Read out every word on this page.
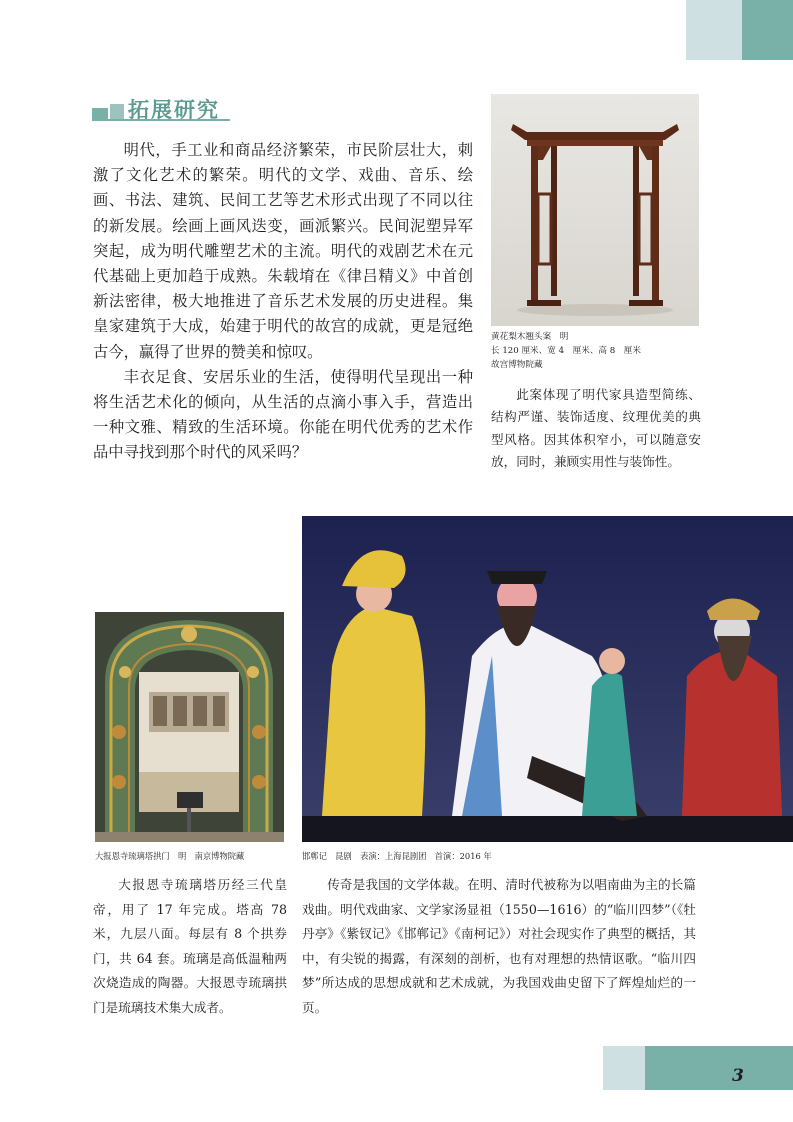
3
拓展研究

明代，手工业和商品经济繁荣，市民阶层壮大，刺激了文化艺术的繁荣。明代的文学、戏曲、音乐、绘画、书法、建筑、民间工艺等艺术形式出现了不同以往的新发展。绘画上画风迭变，画派繁兴。民间泥塑异军突起，成为明代雕塑艺术的主流。明代的戏剧艺术在元代基础上更加趋于成熟。朱载堉在《律吕精义》中首创新法密律，极大地推进了音乐艺术发展的历史进程。集皇家建筑于大成，始建于明代的故宫的成就，更是冠绝古今，赢得了世界的赞美和惊叹。

丰衣足食、安居乐业的生活，使得明代呈现出一种将生活艺术化的倾向，从生活的点滴小事入手，营造出一种文雅、精致的生活环境。你能在明代优秀的艺术作品中寻找到那个时代的风采吗？

黄花梨木翘头案　明
长 120 厘米、宽 4　厘米、高 8　厘米
故宫博物院藏

此案体现了明代家具造型简练、结构严谨、装饰适度、纹理优美的典型风格。因其体积窄小，可以随意安放，同时，兼顾实用性与装饰性。

大报恩寺琉璃塔拱门　明　南京博物院藏

大报恩寺琉璃塔历经三代皇帝，用了 17 年完成。塔高 78 米，九层八面。每层有 8 个拱券门，共 64 套。琉璃是高低温釉两次烧造成的陶器。大报恩寺琉璃拱门是琉璃技术集大成者。

邯郸记　昆剧　表演：上海昆剧团　首演：2016 年

传奇是我国的文学体裁。在明、清时代被称为以唱南曲为主的长篇戏曲。明代戏曲家、文学家汤显祖（1550—1616）的“临川四梦”（《牡丹亭》《紫钗记》《邯郸记》《南柯记》）对社会现实作了典型的概括，其中，有尖锐的揭露，有深刻的剖析，也有对理想的热情讴歌。“临川四梦”所达成的思想成就和艺术成就，为我国戏曲史留下了辉煌灿烂的一页。
